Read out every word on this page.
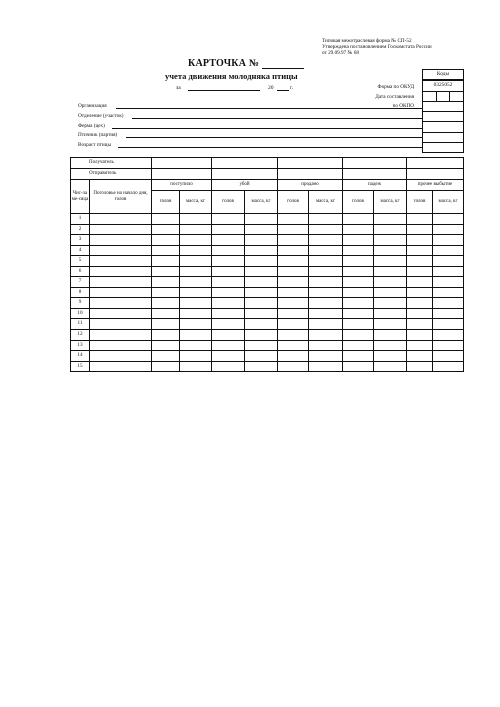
Типовая межотраслевая форма № СП-52
Утверждена постановлением Госкомстата России
от 29.09.97 № 68
КАРТОЧКА №
учета движения молодняка птицы
за	20	г.
Коды
0325052
Форма по ОКУД
Дата составления
по ОКПО
Организация
Отделение (участок)
Ферма (цех)
Птичник (партия)
Возраст птицы
Получатель											
Отправитель											
Чис-ла ме-сяца	Поголовье на начало дня, голов	поступило		убой		продано		падеж		прочее выбытие	
		голов	масса, кг	голов	масса, кг	голов	масса, кг	голов	масса, кг	голов	масса, кг
1											
2											
3											
4											
5											
6											
7											
8											
9											
10											
11											
12											
13											
14											
15											
